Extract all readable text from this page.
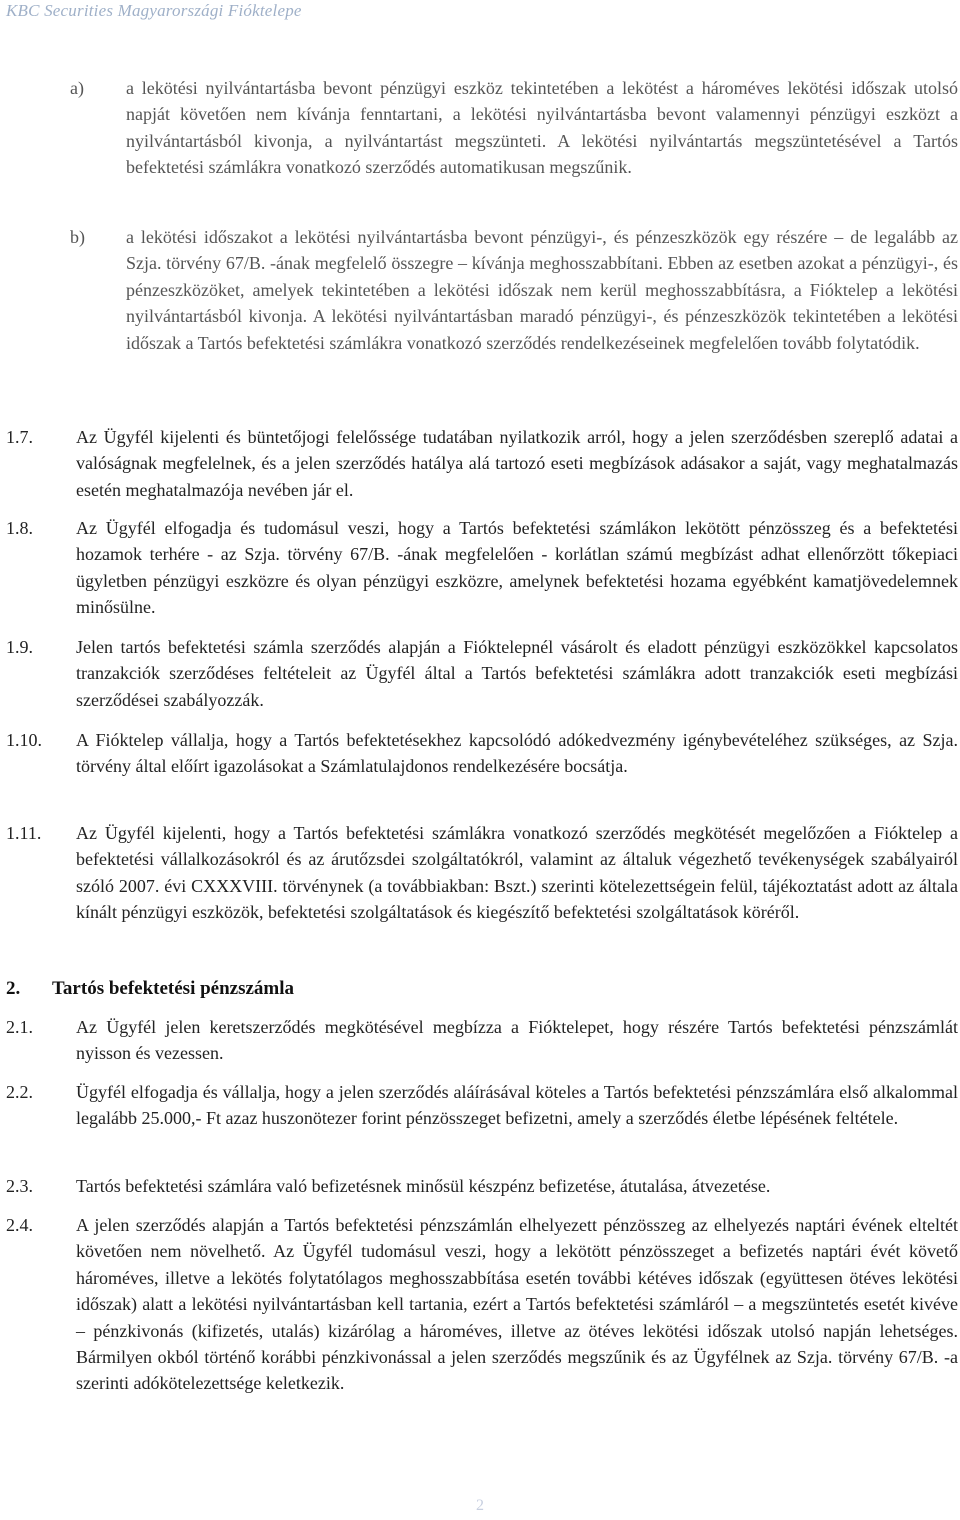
KBC Securities Magyarországi Fióktelepe
a) a lekötési nyilvántartásba bevont pénzügyi eszköz tekintetében a lekötést a hároméves lekötési időszak utolsó napját követően nem kívánja fenntartani, a lekötési nyilvántartásba bevont valamennyi pénzügyi eszközt a nyilvántartásból kivonja, a nyilvántartást megszünteti. A lekötési nyilvántartás megszüntetésével a Tartós befektetési számlákra vonatkozó szerződés automatikusan megszűnik.
b) a lekötési időszakot a lekötési nyilvántartásba bevont pénzügyi-, és pénzeszközök egy részére – de legalább az Szja. törvény 67/B. -ának megfelelő összegre – kívánja meghosszabbítani. Ebben az esetben azokat a pénzügyi-, és pénzeszközöket, amelyek tekintetében a lekötési időszak nem kerül meghosszabbításra, a Fióktelep a lekötési nyilvántartásból kivonja. A lekötési nyilvántartásban maradó pénzügyi-, és pénzeszközök tekintetében a lekötési időszak a Tartós befektetési számlákra vonatkozó szerződés rendelkezéseinek megfelelően tovább folytatódik.
1.7. Az Ügyfél kijelenti és büntetőjogi felelőssége tudatában nyilatkozik arról, hogy a jelen szerződésben szereplő adatai a valóságnak megfelelnek, és a jelen szerződés hatálya alá tartozó eseti megbízások adásakor a saját, vagy meghatalmazás esetén meghatalmazója nevében jár el.
1.8. Az Ügyfél elfogadja és tudomásul veszi, hogy a Tartós befektetési számlákon lekötött pénzösszeg és a befektetési hozamok terhére - az Szja. törvény 67/B. -ának megfelelően - korlátlan számú megbízást adhat ellenőrzött tőkepiaci ügyletben pénzügyi eszközre és olyan pénzügyi eszközre, amelynek befektetési hozama egyébként kamatjövedelemnek minősülne.
1.9. Jelen tartós befektetési számla szerződés alapján a Fióktelepnél vásárolt és eladott pénzügyi eszközökkel kapcsolatos tranzakciók szerződéses feltételeit az Ügyfél által a Tartós befektetési számlákra adott tranzakciók eseti megbízási szerződései szabályozzák.
1.10. A Fióktelep vállalja, hogy a Tartós befektetésekhez kapcsolódó adókedvezmény igénybevételéhez szükséges, az Szja. törvény által előírt igazolásokat a Számlatulajdonos rendelkezésére bocsátja.
1.11. Az Ügyfél kijelenti, hogy a Tartós befektetési számlákra vonatkozó szerződés megkötését megelőzően a Fióktelep a befektetési vállalkozásokról és az árutőzsdei szolgáltatókról, valamint az általuk végezhető tevékenységek szabályairól szóló 2007. évi CXXXVIII. törvénynek (a továbbiakban: Bszt.) szerinti kötelezettségein felül, tájékoztatást adott az általa kínált pénzügyi eszközök, befektetési szolgáltatások és kiegészítő befektetési szolgáltatások köréről.
2. Tartós befektetési pénzszámla
2.1. Az Ügyfél jelen keretszerződés megkötésével megbízza a Fióktelepet, hogy részére Tartós befektetési pénzszámlát nyisson és vezessen.
2.2. Ügyfél elfogadja és vállalja, hogy a jelen szerződés aláírásával köteles a Tartós befektetési pénzszámlára első alkalommal legalább 25.000,- Ft azaz huszonötezer forint pénzösszeget befizetni, amely a szerződés életbe lépésének feltétele.
2.3. Tartós befektetési számlára való befizetésnek minősül készpénz befizetése, átutalása, átvezetése.
2.4. A jelen szerződés alapján a Tartós befektetési pénzszámlán elhelyezett pénzösszeg az elhelyezés naptári évének elteltét követően nem növelhető. Az Ügyfél tudomásul veszi, hogy a lekötött pénzösszeget a befizetés naptári évét követő hároméves, illetve a lekötés folytatólagos meghosszabbítása esetén további kétéves időszak (együttesen ötéves lekötési időszak) alatt a lekötési nyilvántartásban kell tartania, ezért a Tartós befektetési számláról – a megszüntetés esetét kivéve – pénzkivonás (kifizetés, utalás) kizárólag a hároméves, illetve az ötéves lekötési időszak utolsó napján lehetséges. Bármilyen okból történő korábbi pénzkivonással a jelen szerződés megszűnik és az Ügyfélnek az Szja. törvény 67/B. -a szerinti adókötelezettsége keletkezik.
2
